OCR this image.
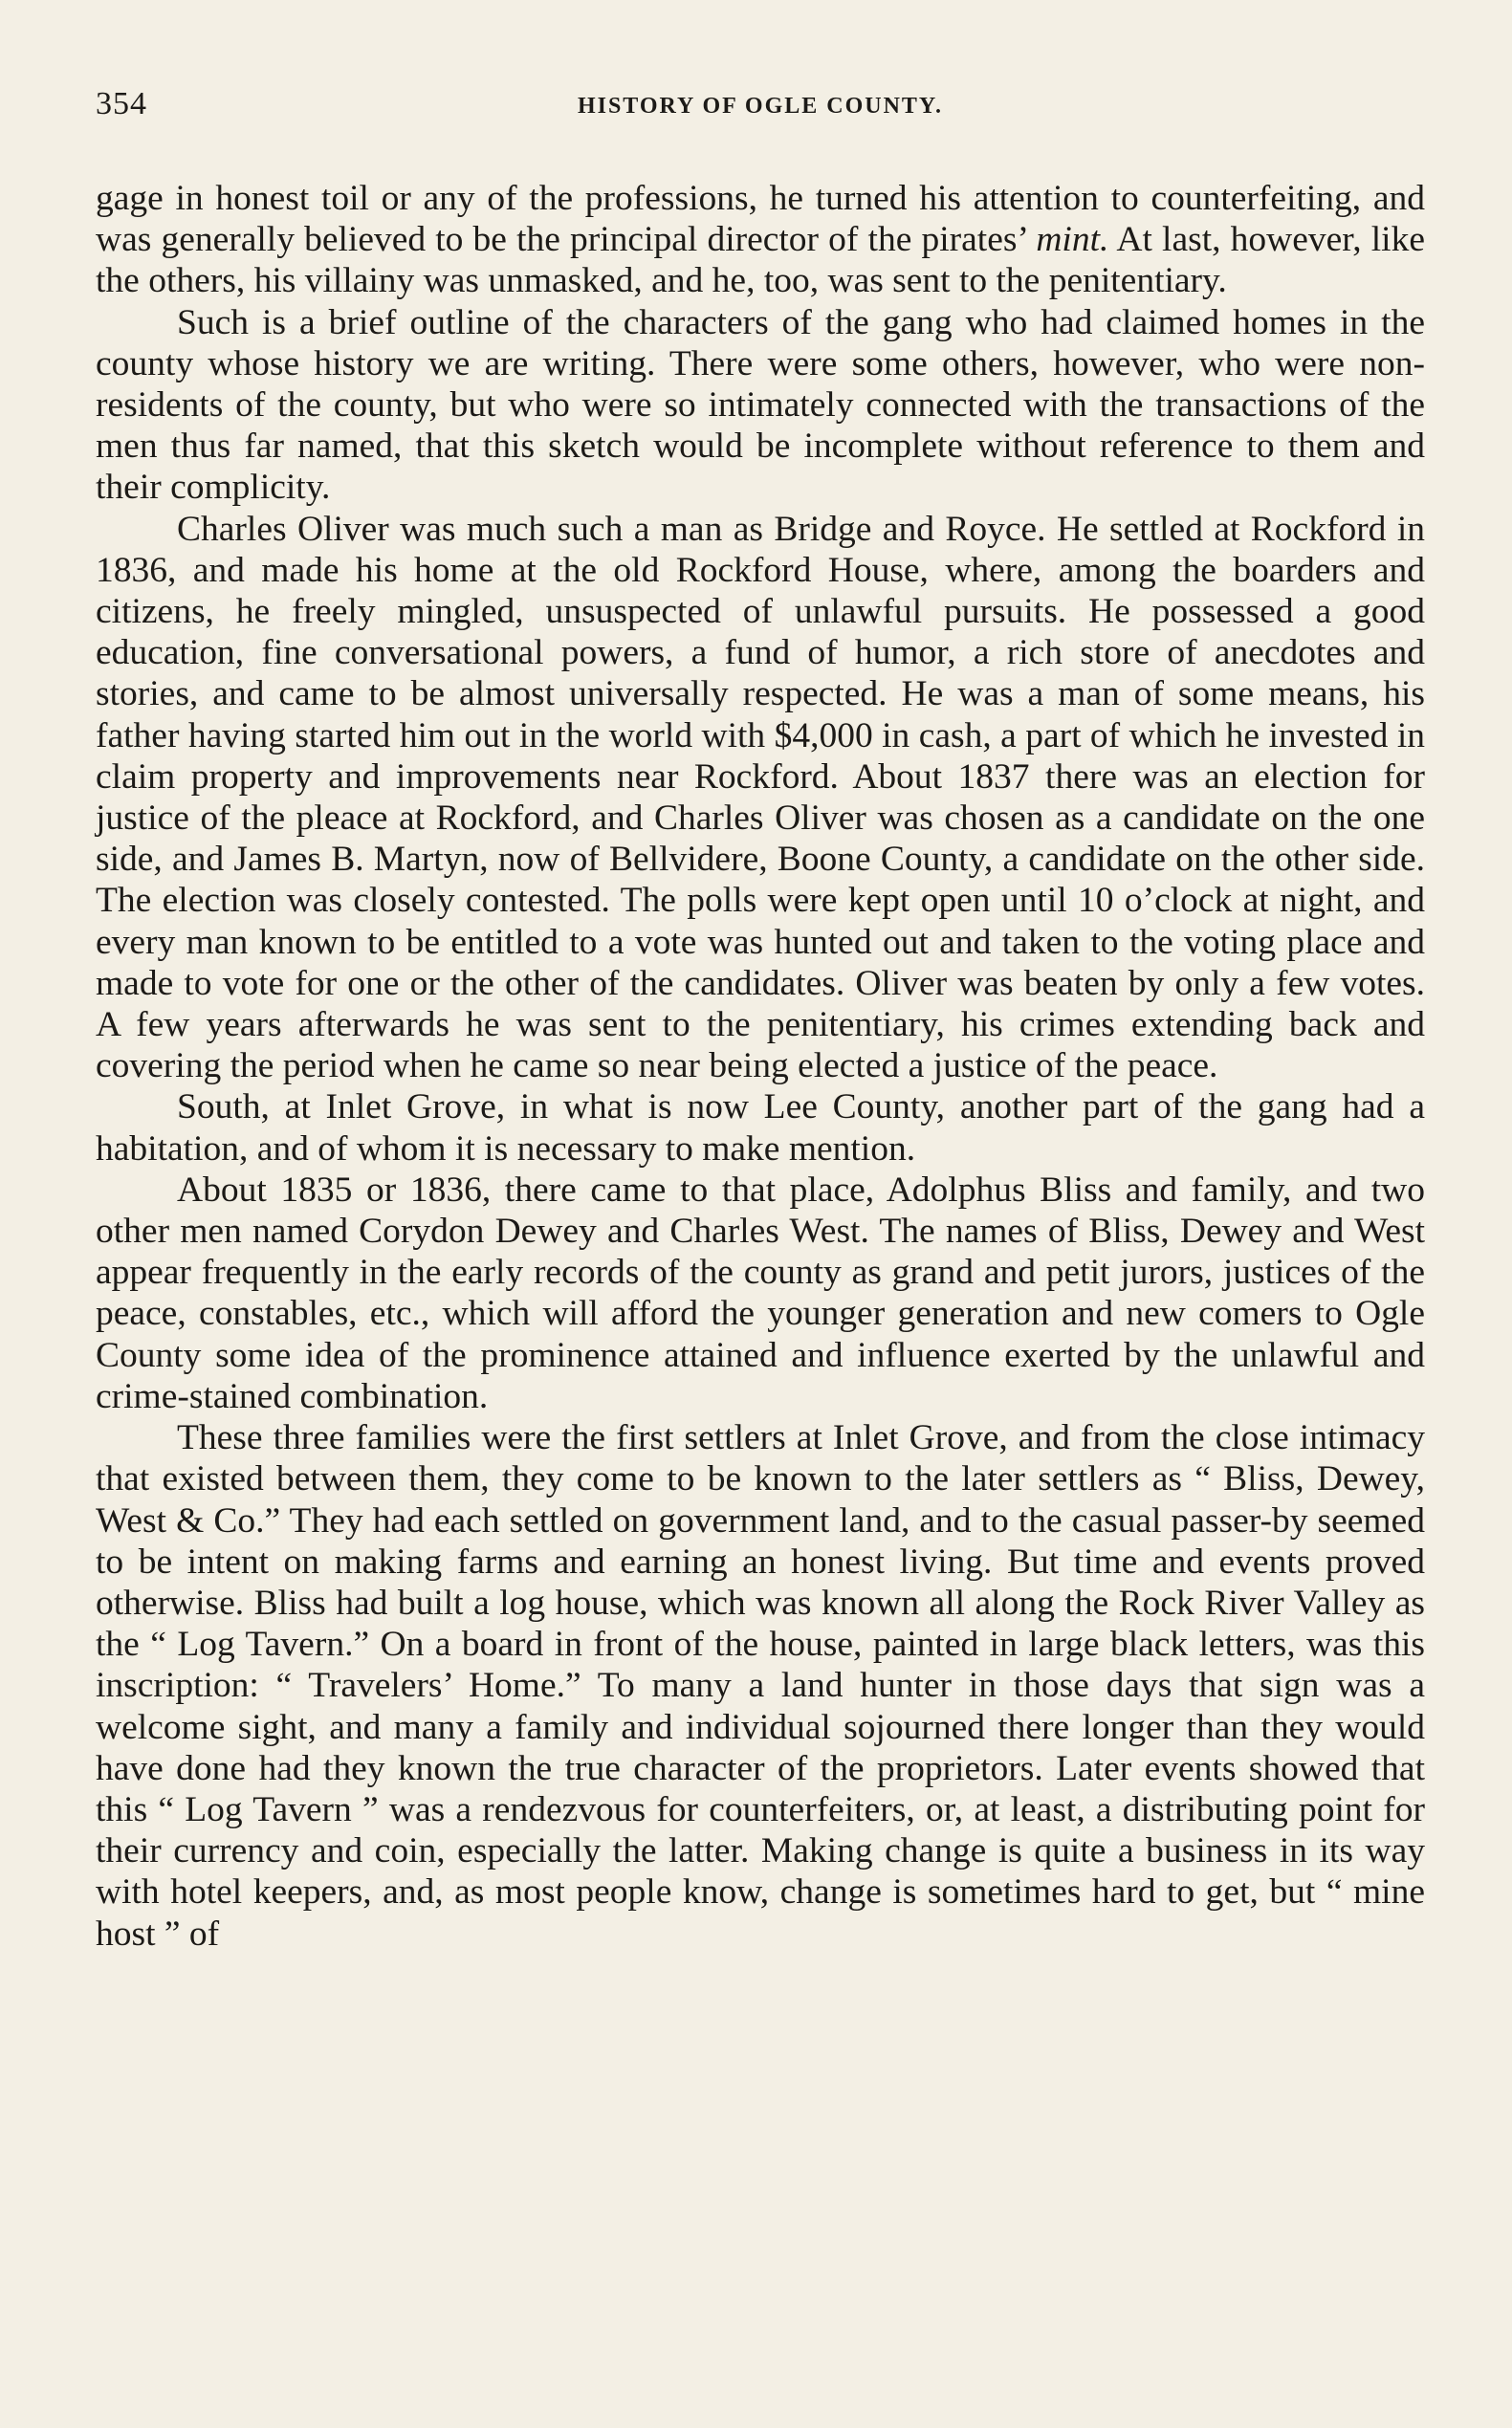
354	HISTORY OF OGLE COUNTY.

gage in honest toil or any of the professions, he turned his attention to counterfeiting, and was generally believed to be the principal director of the pirates’ mint. At last, however, like the others, his villainy was unmasked, and he, too, was sent to the penitentiary.

Such is a brief outline of the characters of the gang who had claimed homes in the county whose history we are writing. There were some others, however, who were non-residents of the county, but who were so intimately connected with the transactions of the men thus far named, that this sketch would be incomplete without reference to them and their complicity.

Charles Oliver was much such a man as Bridge and Royce. He settled at Rockford in 1836, and made his home at the old Rockford House, where, among the boarders and citizens, he freely mingled, unsuspected of unlawful pursuits. He possessed a good education, fine conversational powers, a fund of humor, a rich store of anecdotes and stories, and came to be almost universally respected. He was a man of some means, his father having started him out in the world with $4,000 in cash, a part of which he invested in claim property and improvements near Rockford. About 1837 there was an election for justice of the pleace at Rockford, and Charles Oliver was chosen as a candidate on the one side, and James B. Martyn, now of Bellvidere, Boone County, a candidate on the other side. The election was closely contested. The polls were kept open until 10 o’clock at night, and every man known to be entitled to a vote was hunted out and taken to the voting place and made to vote for one or the other of the candidates. Oliver was beaten by only a few votes. A few years afterwards he was sent to the penitentiary, his crimes extending back and covering the period when he came so near being elected a justice of the peace.

South, at Inlet Grove, in what is now Lee County, another part of the gang had a habitation, and of whom it is necessary to make mention.

About 1835 or 1836, there came to that place, Adolphus Bliss and family, and two other men named Corydon Dewey and Charles West. The names of Bliss, Dewey and West appear frequently in the early records of the county as grand and petit jurors, justices of the peace, constables, etc., which will afford the younger generation and new comers to Ogle County some idea of the prominence attained and influence exerted by the unlawful and crime-stained combination.

These three families were the first settlers at Inlet Grove, and from the close intimacy that existed between them, they come to be known to the later settlers as “ Bliss, Dewey, West & Co.” They had each settled on government land, and to the casual passer-by seemed to be intent on making farms and earning an honest living. But time and events proved otherwise. Bliss had built a log house, which was known all along the Rock River Valley as the “ Log Tavern.” On a board in front of the house, painted in large black letters, was this inscription: “ Travelers’ Home.” To many a land hunter in those days that sign was a welcome sight, and many a family and individual sojourned there longer than they would have done had they known the true character of the proprietors. Later events showed that this “ Log Tavern ” was a rendezvous for counterfeiters, or, at least, a distributing point for their currency and coin, especially the latter. Making change is quite a business in its way with hotel keepers, and, as most people know, change is sometimes hard to get, but “ mine host ” of
